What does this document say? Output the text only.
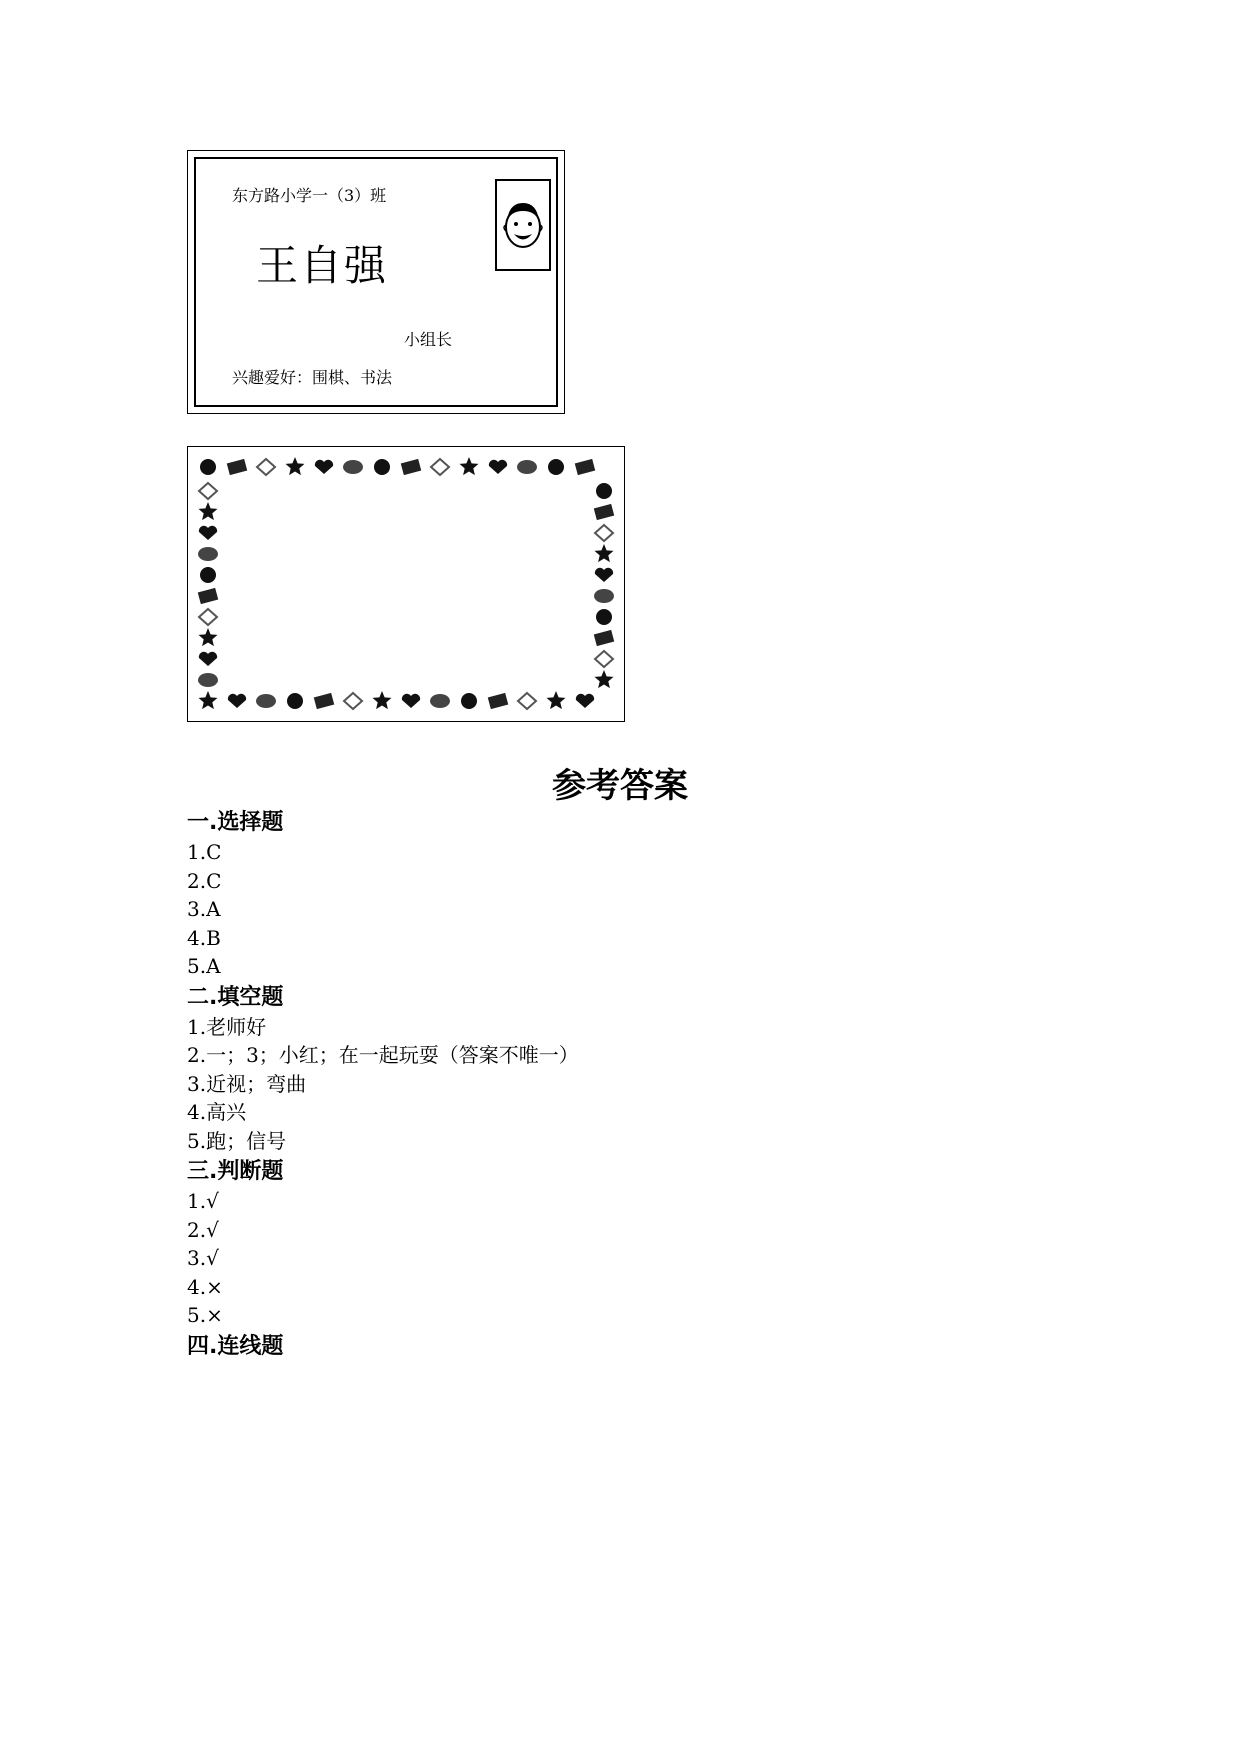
东方路小学一（3）班
王自强
小组长
兴趣爱好：围棋、书法
参考答案
一.选择题
1.C
2.C
3.A
4.B
5.A
二.填空题
1.老师好
2.一；3；小红；在一起玩耍（答案不唯一）
3.近视；弯曲
4.高兴
5.跑；信号
三.判断题
1.√
2.√
3.√
4.×
5.×
四.连线题
